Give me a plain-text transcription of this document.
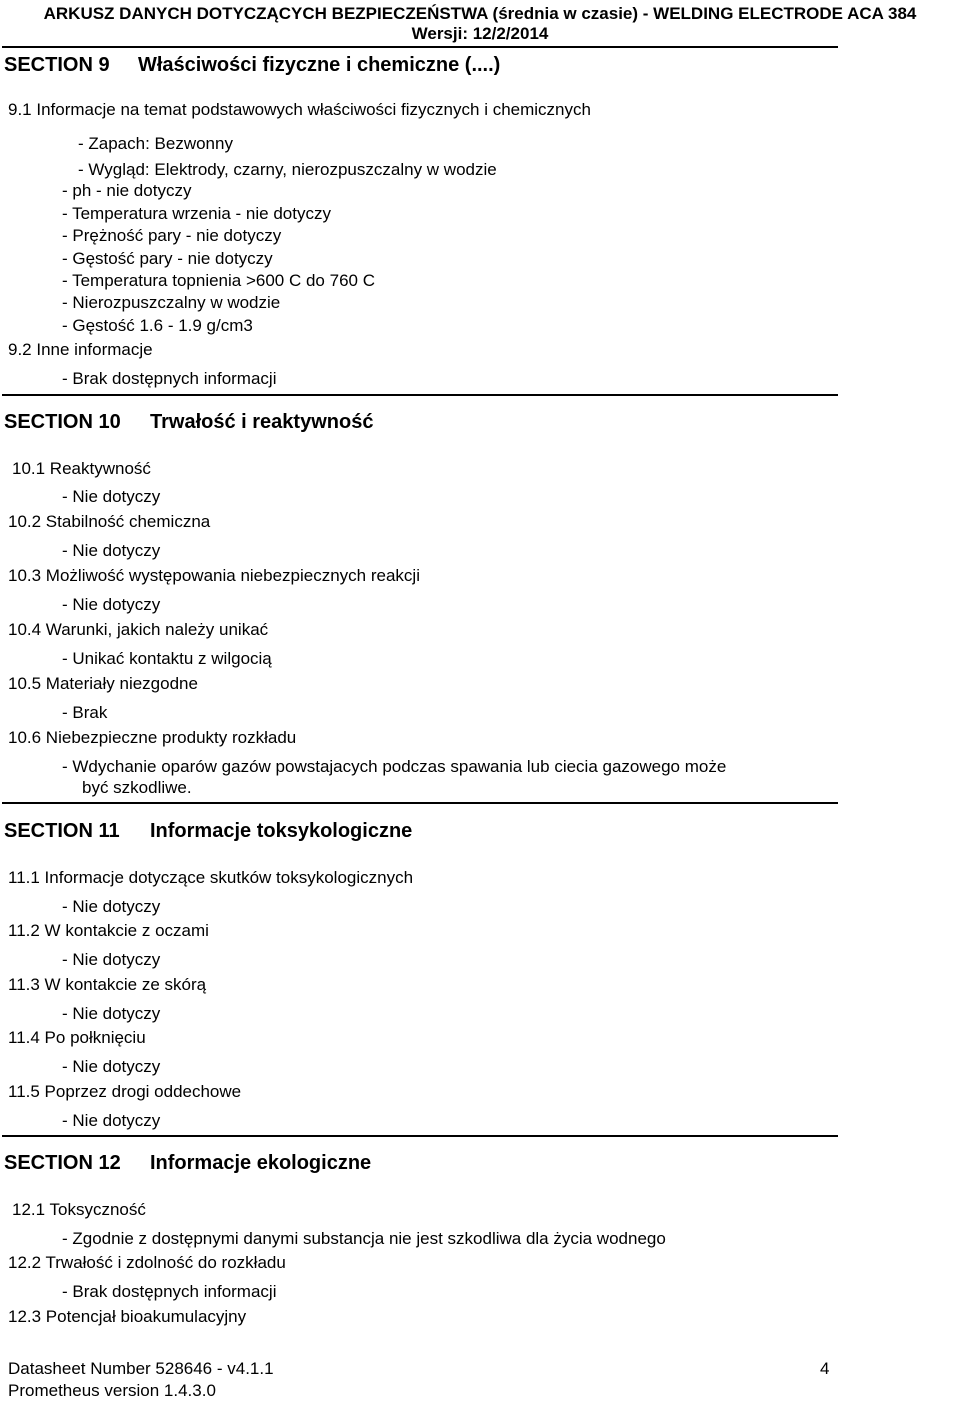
ARKUSZ DANYCH DOTYCZĄCYCH BEZPIECZEŃSTWA (średnia w czasie) - WELDING ELECTRODE ACA 384
Wersji: 12/2/2014
SECTION 9 Właściwości fizyczne i chemiczne (....)
9.1 Informacje na temat podstawowych właściwości fizycznych i chemicznych
- Zapach: Bezwonny
- Wygląd: Elektrody, czarny, nierozpuszczalny w wodzie
- ph - nie dotyczy
- Temperatura wrzenia - nie dotyczy
- Prężność pary - nie dotyczy
- Gęstość pary - nie dotyczy
- Temperatura topnienia >600 C do 760 C
- Nierozpuszczalny w wodzie
- Gęstość 1.6 - 1.9 g/cm3
9.2 Inne informacje
- Brak dostępnych informacji
SECTION 10 Trwałość i reaktywność
10.1 Reaktywność
- Nie dotyczy
10.2 Stabilność chemiczna
- Nie dotyczy
10.3 Możliwość występowania niebezpiecznych reakcji
- Nie dotyczy
10.4 Warunki, jakich należy unikać
- Unikać kontaktu z wilgocią
10.5 Materiały niezgodne
- Brak
10.6 Niebezpieczne produkty rozkładu
- Wdychanie oparów gazów powstajacych podczas spawania lub ciecia gazowego może
być szkodliwe.
SECTION 11 Informacje toksykologiczne
11.1 Informacje dotyczące skutków toksykologicznych
- Nie dotyczy
11.2 W kontakcie z oczami
- Nie dotyczy
11.3 W kontakcie ze skórą
- Nie dotyczy
11.4 Po połknięciu
- Nie dotyczy
11.5 Poprzez drogi oddechowe
- Nie dotyczy
SECTION 12 Informacje ekologiczne
12.1 Toksyczność
- Zgodnie z dostępnymi danymi substancja nie jest szkodliwa dla życia wodnego
12.2 Trwałość i zdolność do rozkładu
- Brak dostępnych informacji
12.3 Potencjał bioakumulacyjny
Datasheet Number 528646 - v4.1.1
Prometheus version 1.4.3.0
4
